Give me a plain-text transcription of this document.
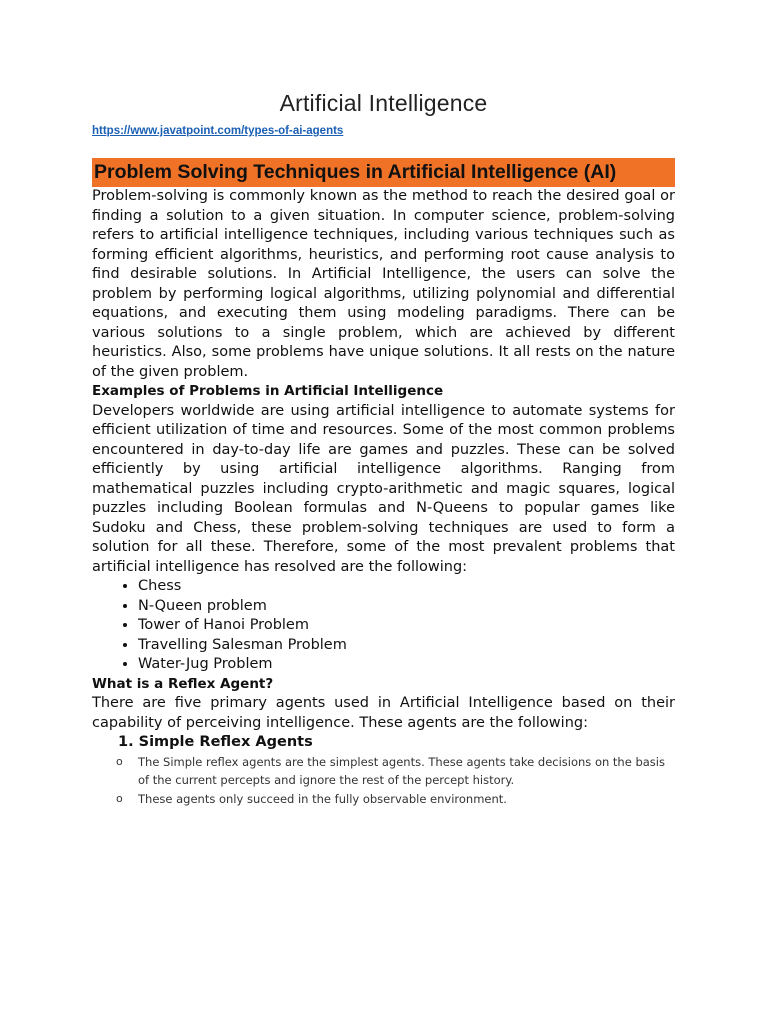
Artificial Intelligence
https://www.javatpoint.com/types-of-ai-agents
Problem Solving Techniques in Artificial Intelligence (AI)

Problem-solving is commonly known as the method to reach the desired goal or finding a solution to a given situation. In computer science, problem-solving refers to artificial intelligence techniques, including various techniques such as forming efficient algorithms, heuristics, and performing root cause analysis to find desirable solutions. In Artificial Intelligence, the users can solve the problem by performing logical algorithms, utilizing polynomial and differential equations, and executing them using modeling paradigms. There can be various solutions to a single problem, which are achieved by different heuristics. Also, some problems have unique solutions. It all rests on the nature of the given problem.

Examples of Problems in Artificial Intelligence

Developers worldwide are using artificial intelligence to automate systems for efficient utilization of time and resources. Some of the most common problems encountered in day-to-day life are games and puzzles. These can be solved efficiently by using artificial intelligence algorithms. Ranging from mathematical puzzles including crypto-arithmetic and magic squares, logical puzzles including Boolean formulas and N-Queens to popular games like Sudoku and Chess, these problem-solving techniques are used to form a solution for all these. Therefore, some of the most prevalent problems that artificial intelligence has resolved are the following:

• Chess
• N-Queen problem
• Tower of Hanoi Problem
• Travelling Salesman Problem
• Water-Jug Problem
What is a Reflex Agent?

There are five primary agents used in Artificial Intelligence based on their capability of perceiving intelligence. These agents are the following:

1. Simple Reflex Agents
o The Simple reflex agents are the simplest agents. These agents take decisions on the basis of the current percepts and ignore the rest of the percept history.
o These agents only succeed in the fully observable environment.
